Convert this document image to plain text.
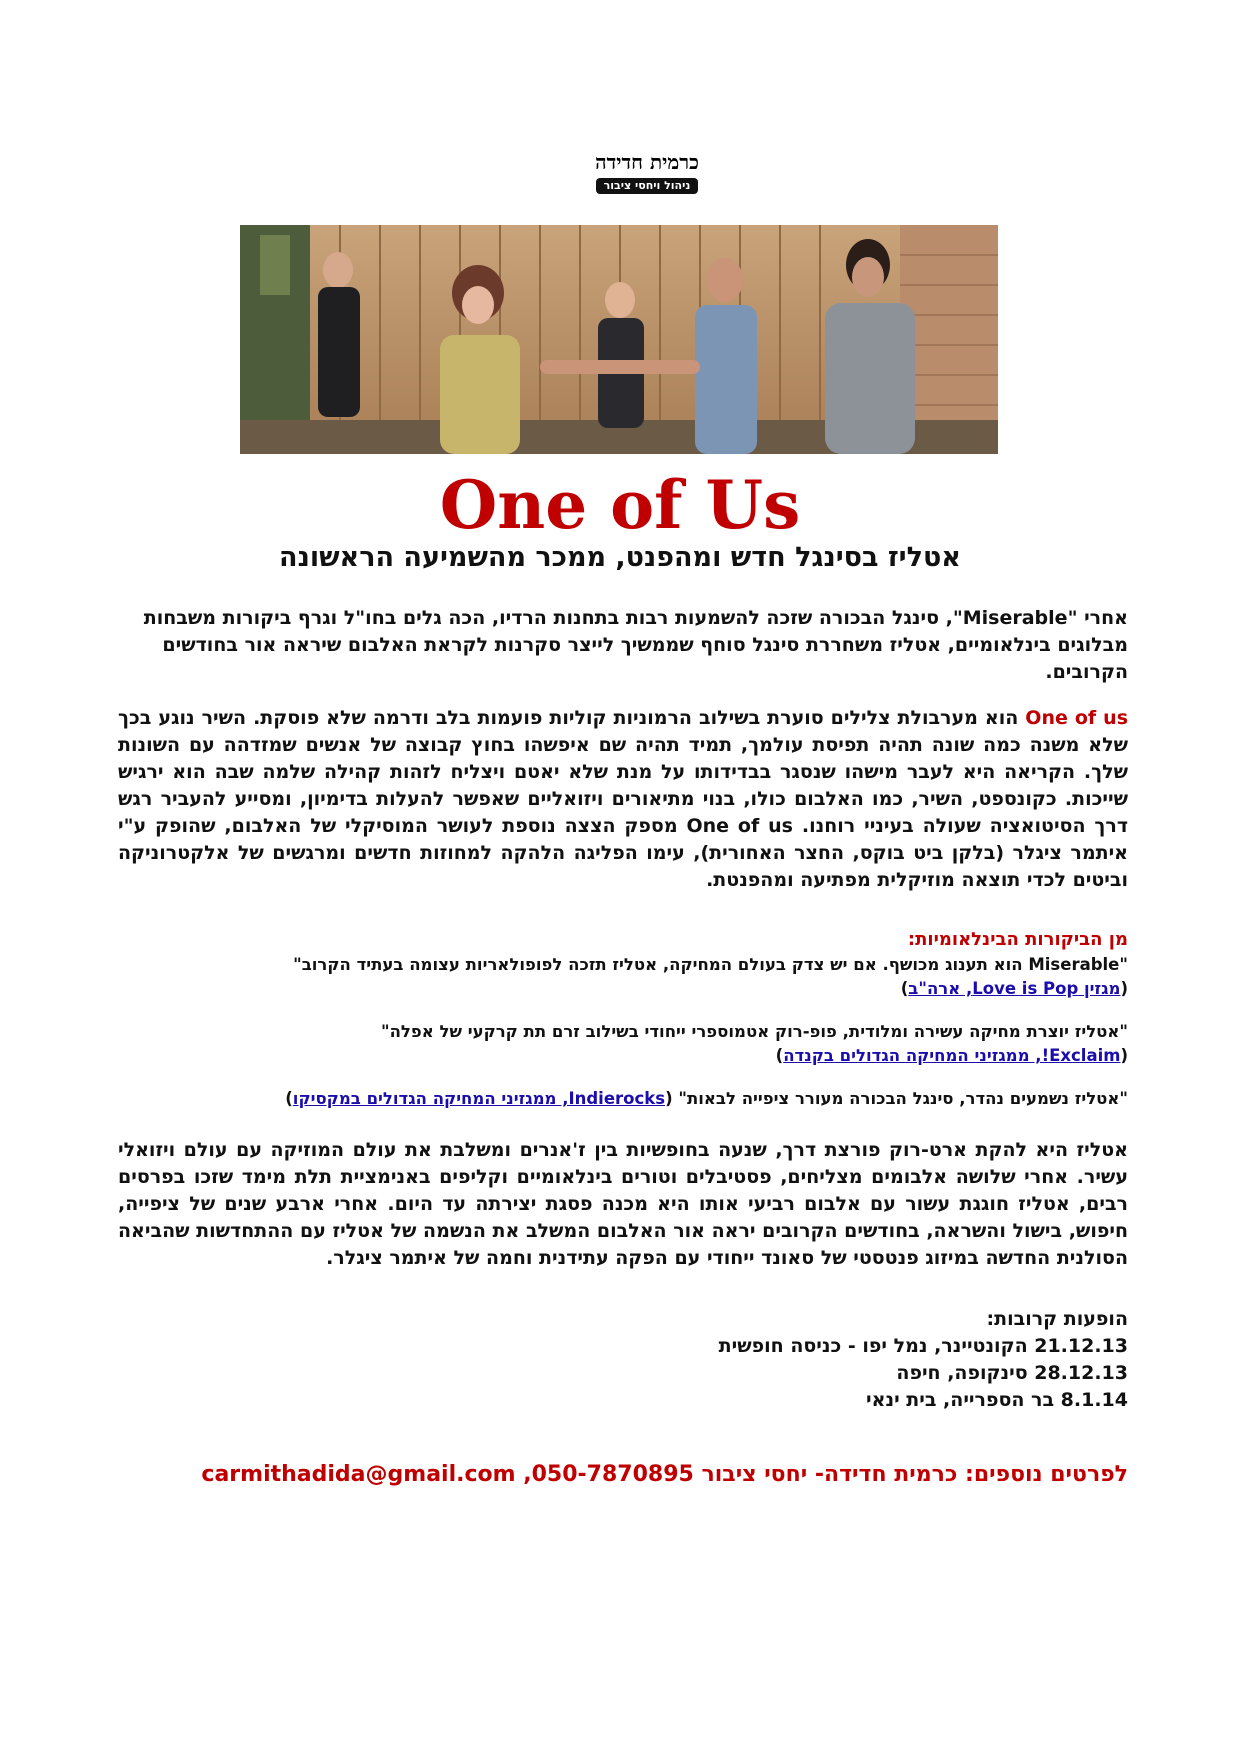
כרמית חדידה
ניהול ויחסי ציבור
One of Us
אטליז בסינגל חדש ומהפנט, ממכר מהשמיעה הראשונה
אחרי "Miserable", סינגל הבכורה שזכה להשמעות רבות בתחנות הרדיו, הכה גלים בחו"ל וגרף ביקורות משבחות מבלוגים בינלאומיים, אטליז משחררת סינגל סוחף שממשיך לייצר סקרנות לקראת האלבום שיראה אור בחודשים הקרובים.
One of us הוא מערבולת צלילים סוערת בשילוב הרמוניות קוליות פועמות בלב ודרמה שלא פוסקת. השיר נוגע בכך שלא משנה כמה שונה תהיה תפיסת עולמך, תמיד תהיה שם איפשהו בחוץ קבוצה של אנשים שמזדהה עם השונות שלך. הקריאה היא לעבר מישהו שנסגר בבדידותו על מנת שלא יאטם ויצליח לזהות קהילה שלמה שבה הוא ירגיש שייכות. כקונספט, השיר, כמו האלבום כולו, בנוי מתיאורים ויזואליים שאפשר להעלות בדימיון, ומסייע להעביר רגש דרך הסיטואציה שעולה בעיניי רוחנו. One of us מספק הצצה נוספת לעושר המוסיקלי של האלבום, שהופק ע"י איתמר ציגלר (בלקן ביט בוקס, החצר האחורית), עימו הפליגה הלהקה למחוזות חדשים ומרגשים של אלקטרוניקה וביטים לכדי תוצאה מוזיקלית מפתיעה ומהפנטת.
מן הביקורות הבינלאומיות:
"Miserable הוא תענוג מכושף. אם יש צדק בעולם המחיקה, אטליז תזכה לפופולאריות עצומה בעתיד הקרוב"
(מגזין Love is Pop, ארה"ב)
"אטליז יוצרת מחיקה עשירה ומלודית, פופ-רוק אטמוספרי ייחודי בשילוב זרם תת קרקעי של אפלה"
(Exclaim!, ממגזיני המחיקה הגדולים בקנדה)
"אטליז נשמעים נהדר, סינגל הבכורה מעורר ציפייה לבאות" (Indierocks, ממגזיני המחיקה הגדולים במקסיקו)
אטליז היא להקת ארט-רוק פורצת דרך, שנעה בחופשיות בין ז'אנרים ומשלבת את עולם המוזיקה עם עולם ויזואלי עשיר. אחרי שלושה אלבומים מצליחים, פסטיבלים וטורים בינלאומיים וקליפים באנימציית תלת מימד שזכו בפרסים רבים, אטליז חוגגת עשור עם אלבום רביעי אותו היא מכנה פסגת יצירתה עד היום. אחרי ארבע שנים של ציפייה, חיפוש, בישול והשראה, בחודשים הקרובים יראה אור האלבום המשלב את הנשמה של אטליז עם ההתחדשות שהביאה הסולנית החדשה במיזוג פנטסטי של סאונד ייחודי עם הפקה עתידנית וחמה של איתמר ציגלר.
הופעות קרובות:
21.12.13 הקונטיינר, נמל יפו - כניסה חופשית
28.12.13 סינקופה, חיפה
8.1.14 בר הספרייה, בית ינאי
לפרטים נוספים: כרמית חדידה- יחסי ציבור 050-7870895, carmithadida@gmail.com
